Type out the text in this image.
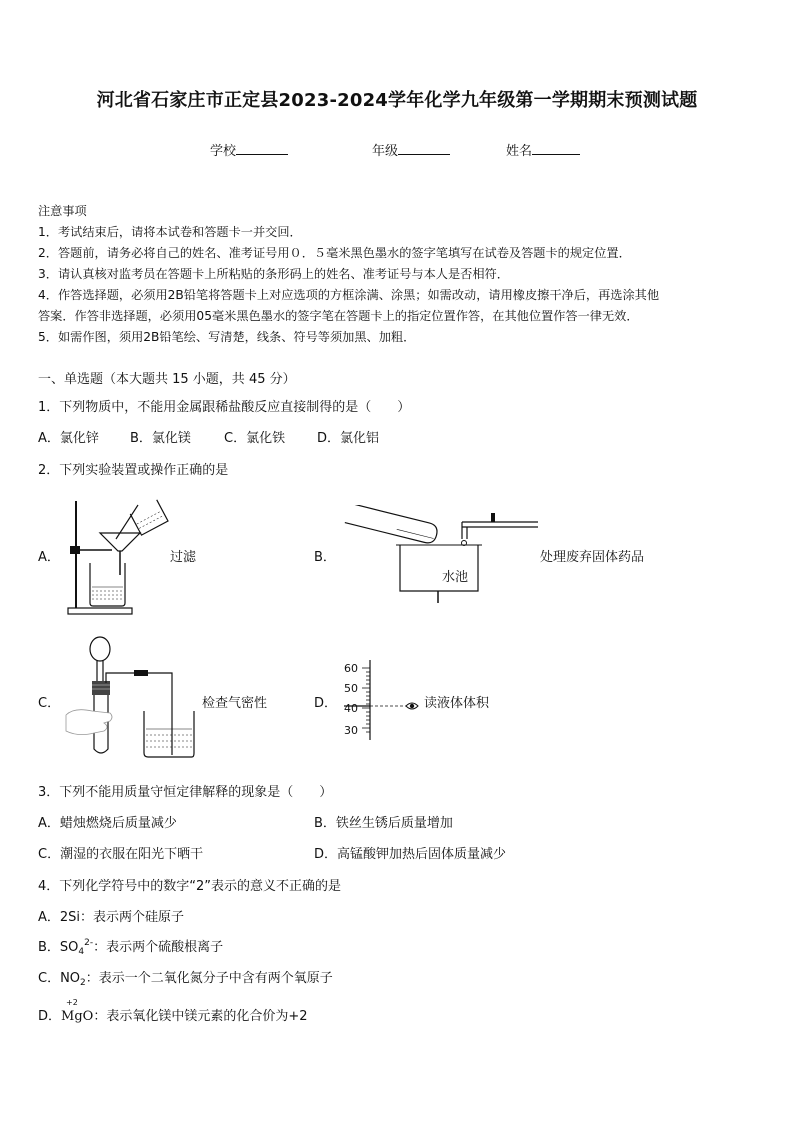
河北省石家庄市正定县2023-2024学年化学九年级第一学期期末预测试题
学校	年级	姓名
注意事项
1．考试结束后，请将本试卷和答题卡一并交回．
2．答题前，请务必将自己的姓名、准考证号用０．５毫米黑色墨水的签字笔填写在试卷及答题卡的规定位置．
3．请认真核对监考员在答题卡上所粘贴的条形码上的姓名、准考证号与本人是否相符．
4．作答选择题，必须用2B铅笔将答题卡上对应选项的方框涂满、涂黑；如需改动，请用橡皮擦干净后，再选涂其他
答案．作答非选择题，必须用05毫米黑色墨水的签字笔在答题卡上的指定位置作答，在其他位置作答一律无效．
5．如需作图，须用2B铅笔绘、写清楚，线条、符号等须加黑、加粗．
一、单选题（本大题共 15 小题，共 45 分）
1．下列物质中，不能用金属跟稀盐酸反应直接制得的是（　　）
A．氯化锌 B．氯化镁	C．氯化铁 D．氯化铝
2．下列实验装置或操作正确的是
A．	过滤	B．
水池
处理废弃固体药品
C．	检查气密性	D．
60
50
40
30
读液体体积
3．下列不能用质量守恒定律解释的现象是（　　）
A．蜡烛燃烧后质量减少	B．铁丝生锈后质量增加
C．潮湿的衣服在阳光下晒干	D．高锰酸钾加热后固体质量减少
4．下列化学符号中的数字“2”表示的意义不正确的是
A．2Si：表示两个硅原子
B．$SO_4^{2-}$：表示两个硫酸根离子
C．$NO_2$：表示一个二氧化氮分子中含有两个氧原子
D．
+2
MgO：表示氧化镁中镁元素的化合价为+2
